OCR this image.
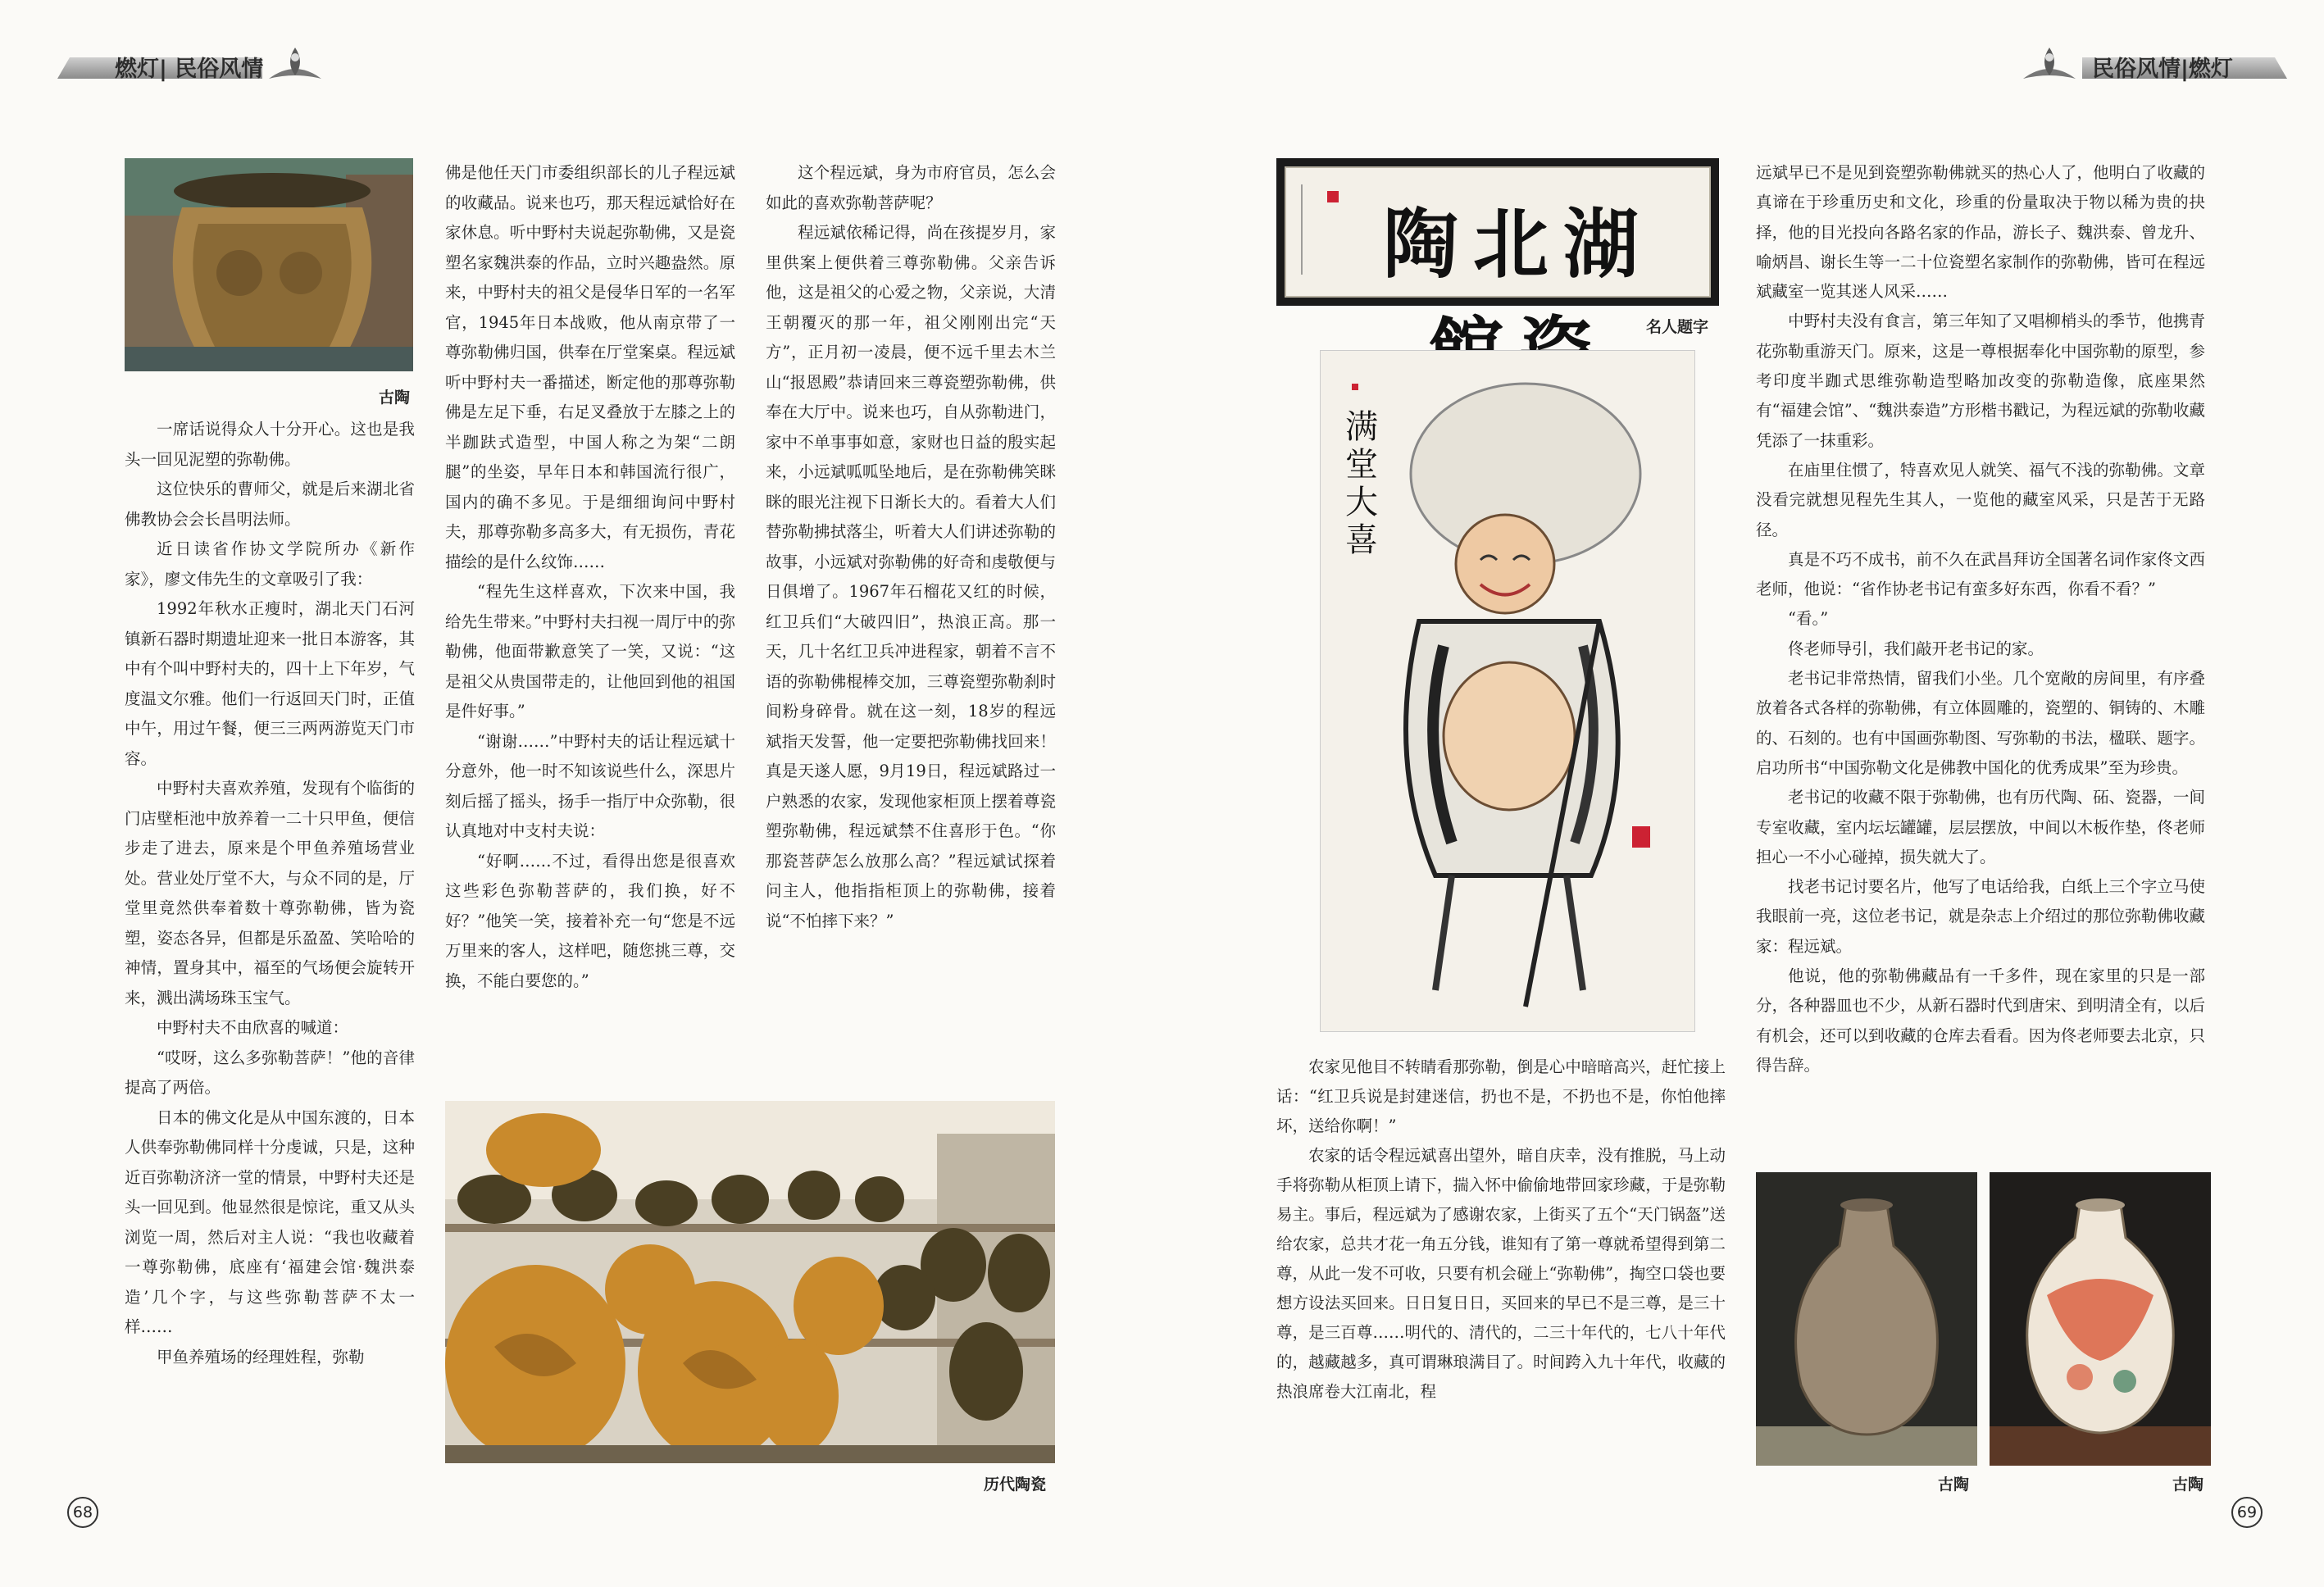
燃灯| 民俗风情	民俗风情|燃灯
古陶

一席话说得众人十分开心。这也是我头一回见泥塑的弥勒佛。

这位快乐的曹师父，就是后来湖北省佛教协会会长昌明法师。

近日读省作协文学院所办《新作家》，廖文伟先生的文章吸引了我：

1992年秋水正瘦时，湖北天门石河镇新石器时期遗址迎来一批日本游客，其中有个叫中野村夫的，四十上下年岁，气度温文尔雅。他们一行返回天门时，正值中午，用过午餐，便三三两两游览天门市容。

中野村夫喜欢养殖，发现有个临街的门店壁柜池中放养着一二十只甲鱼，便信步走了进去，原来是个甲鱼养殖场营业处。营业处厅堂不大，与众不同的是，厅堂里竟然供奉着数十尊弥勒佛，皆为瓷塑，姿态各异，但都是乐盈盈、笑哈哈的神情，置身其中，福至的气场便会旋转开来，溅出满场珠玉宝气。

中野村夫不由欣喜的喊道：

“哎呀，这么多弥勒菩萨！”他的音律提高了两倍。

日本的佛文化是从中国东渡的，日本人供奉弥勒佛同样十分虔诚，只是，这种近百弥勒济济一堂的情景，中野村夫还是头一回见到。他显然很是惊诧，重又从头浏览一周，然后对主人说：“我也收藏着一尊弥勒佛，底座有‘福建会馆·魏洪泰造’几个字，与这些弥勒菩萨不太一样……

甲鱼养殖场的经理姓程，弥勒

佛是他任天门市委组织部长的儿子程远斌的收藏品。说来也巧，那天程远斌恰好在家休息。听中野村夫说起弥勒佛，又是瓷塑名家魏洪泰的作品，立时兴趣盎然。原来，中野村夫的祖父是侵华日军的一名军官，1945年日本战败，他从南京带了一尊弥勒佛归国，供奉在厅堂案桌。程远斌听中野村夫一番描述，断定他的那尊弥勒佛是左足下垂，右足叉叠放于左膝之上的半跏趺式造型，中国人称之为架“二朗腿”的坐姿，早年日本和韩国流行很广，国内的确不多见。于是细细询问中野村夫，那尊弥勒多高多大，有无损伤，青花描绘的是什么纹饰……

“程先生这样喜欢，下次来中国，我给先生带来。”中野村夫扫视一周厅中的弥勒佛，他面带歉意笑了一笑，又说：“这是祖父从贵国带走的，让他回到他的祖国是件好事。”

“谢谢……”中野村夫的话让程远斌十分意外，他一时不知该说些什么，深思片刻后摇了摇头，扬手一指厅中众弥勒，很认真地对中支村夫说：

“好啊……不过，看得出您是很喜欢这些彩色弥勒菩萨的，我们换，好不好？”他笑一笑，接着补充一句“您是不远万里来的客人，这样吧，随您挑三尊，交换，不能白要您的。”

这个程远斌，身为市府官员，怎么会如此的喜欢弥勒菩萨呢？

程远斌依稀记得，尚在孩提岁月，家里供案上便供着三尊弥勒佛。父亲告诉他，这是祖父的心爱之物，父亲说，大清王朝覆灭的那一年，祖父刚刚出完“天方”，正月初一凌晨，便不远千里去木兰山“报恩殿”恭请回来三尊瓷塑弥勒佛，供奉在大厅中。说来也巧，自从弥勒进门，家中不单事事如意，家财也日益的殷实起来，小远斌呱呱坠地后，是在弥勒佛笑眯眯的眼光注视下日渐长大的。看着大人们替弥勒拂拭落尘，听着大人们讲述弥勒的故事，小远斌对弥勒佛的好奇和虔敬便与日俱增了。1967年石榴花又红的时候，红卫兵们“大破四旧”，热浪正高。那一天，几十名红卫兵冲进程家，朝着不言不语的弥勒佛棍棒交加，三尊瓷塑弥勒刹时间粉身碎骨。就在这一刻，18岁的程远斌指天发誓，他一定要把弥勒佛找回来！真是天遂人愿，9月19日，程远斌路过一户熟悉的农家，发现他家柜顶上摆着尊瓷塑弥勒佛，程远斌禁不住喜形于色。“你那瓷菩萨怎么放那么高？”程远斌试探着问主人，他指指柜顶上的弥勒佛，接着说“不怕摔下来？”

历代陶瓷
68
湖北陶
名人题字
满堂大喜

农家见他目不转睛看那弥勒，倒是心中暗暗高兴，赶忙接上话：“红卫兵说是封建迷信，扔也不是，不扔也不是，你怕他摔坏，送给你啊！”

农家的话令程远斌喜出望外，暗自庆幸，没有推脱，马上动手将弥勒从柜顶上请下，揣入怀中偷偷地带回家珍藏，于是弥勒易主。事后，程远斌为了感谢农家，上街买了五个“天门锅盔”送给农家，总共才花一角五分钱，谁知有了第一尊就希望得到第二尊，从此一发不可收，只要有机会碰上“弥勒佛”，掏空口袋也要想方设法买回来。日日复日日，买回来的早已不是三尊，是三十尊，是三百尊……明代的、清代的，二三十年代的，七八十年代的，越藏越多，真可谓琳琅满目了。时间跨入九十年代，收藏的热浪席卷大江南北，程

远斌早已不是见到瓷塑弥勒佛就买的热心人了，他明白了收藏的真谛在于珍重历史和文化，珍重的份量取决于物以稀为贵的抉择，他的目光投向各路名家的作品，游长子、魏洪泰、曾龙升、喻炳昌、谢长生等一二十位瓷塑名家制作的弥勒佛，皆可在程远斌藏室一览其迷人风采……

中野村夫没有食言，第三年知了又唱柳梢头的季节，他携青花弥勒重游天门。原来，这是一尊根据奉化中国弥勒的原型，参考印度半跏式思维弥勒造型略加改变的弥勒造像，底座果然有“福建会馆”、“魏洪泰造”方形楷书戳记，为程远斌的弥勒收藏凭添了一抹重彩。

在庙里住惯了，特喜欢见人就笑、福气不浅的弥勒佛。文章没看完就想见程先生其人，一览他的藏室风采，只是苦于无路径。

真是不巧不成书，前不久在武昌拜访全国著名词作家佟文西老师，他说：“省作协老书记有蛮多好东西，你看不看？”

“看。”

佟老师导引，我们敲开老书记的家。

老书记非常热情，留我们小坐。几个宽敞的房间里，有序叠放着各式各样的弥勒佛，有立体圆雕的，瓷塑的、铜铸的、木雕的、石刻的。也有中国画弥勒图、写弥勒的书法，楹联、题字。启功所书“中国弥勒文化是佛教中国化的优秀成果”至为珍贵。

老书记的收藏不限于弥勒佛，也有历代陶、砳、瓷器，一间专室收藏，室内坛坛罐罐，层层摆放，中间以木板作垫，佟老师担心一不小心碰掉，损失就大了。

找老书记讨要名片，他写了电话给我，白纸上三个字立马使我眼前一亮，这位老书记，就是杂志上介绍过的那位弥勒佛收藏家：程远斌。

他说，他的弥勒佛藏品有一千多件，现在家里的只是一部分，各种器皿也不少，从新石器时代到唐宋、到明清全有，以后有机会，还可以到收藏的仓库去看看。因为佟老师要去北京，只得告辞。

古陶	古陶
69
